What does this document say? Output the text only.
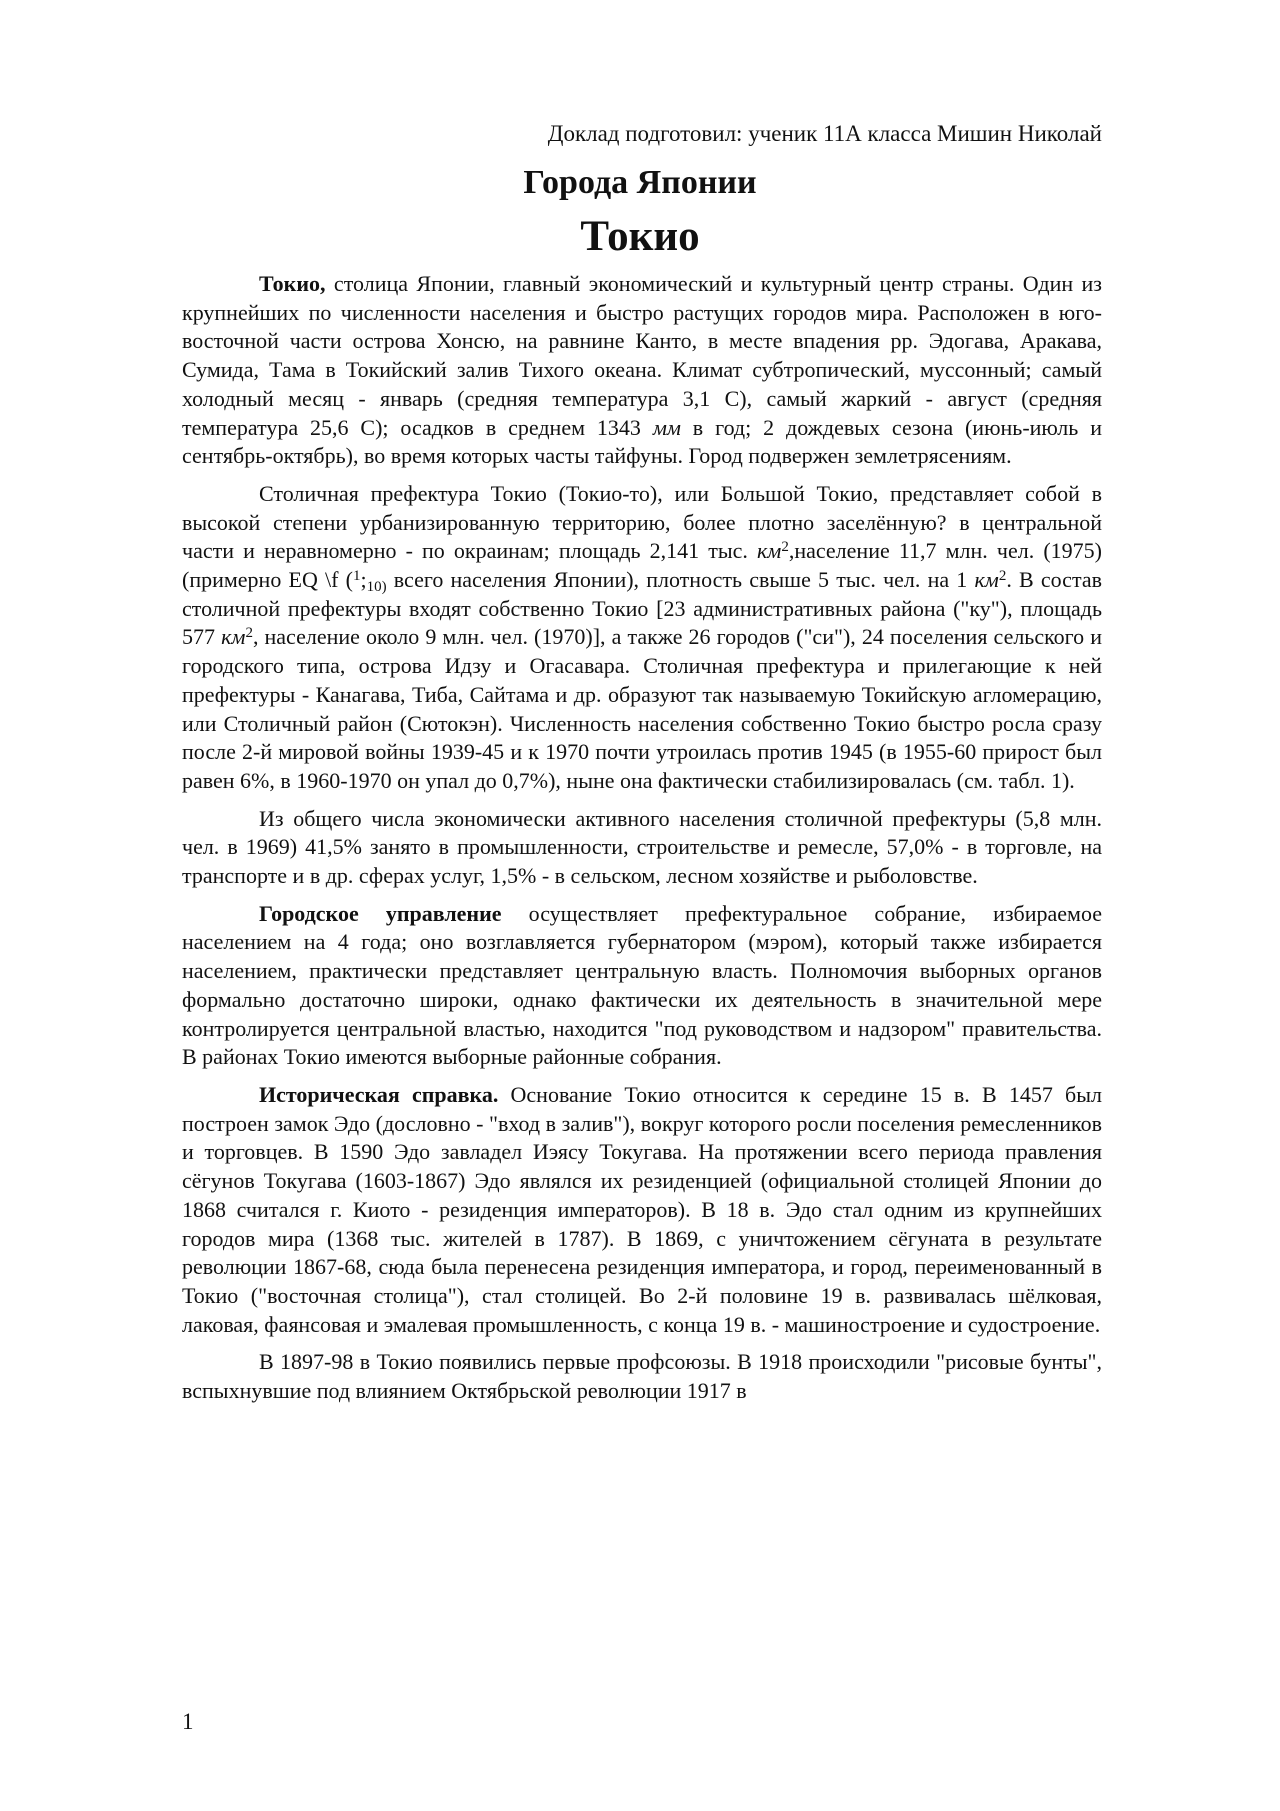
Доклад подготовил: ученик 11А класса Мишин Николай
Города Японии
Токио

Токио, столица Японии, главный экономический и культурный центр страны. Один из крупнейших по численности населения и быстро растущих городов мира. Расположен в юго-восточной части острова Хонсю, на равнине Канто, в месте впадения рр. Эдогава, Аракава, Сумида, Тама в Токийский залив Тихого океана. Климат субтропический, муссонный; самый холодный месяц - январь (средняя температура 3,1 С), самый жаркий - август (средняя температура 25,6 С); осадков в среднем 1343 мм в год; 2 дождевых сезона (июнь-июль и сентябрь-октябрь), во время которых часты тайфуны. Город подвержен землетрясениям.

Столичная префектура Токио (Токио-то), или Большой Токио, представляет собой в высокой степени урбанизированную территорию, более плотно заселённую? в центральной части и неравномерно - по окраинам; площадь 2,141 тыс. $км^2,население$ 11,7 млн. чел. (1975) (примерно EQ \f ($^1;_{10)}$ всего населения Японии), плотность свыше 5 тыс. чел. на 1 $км^2$. В состав столичной префектуры входят собственно Токио [23 административных района ("ку"), площадь 577 $км^2$, население около 9 млн. чел. (1970)], а также 26 городов ("си"), 24 поселения сельского и городского типа, острова Идзу и Огасавара. Столичная префектура и прилегающие к ней префектуры - Канагава, Тиба, Сайтама и др. образуют так называемую Токийскую агломерацию, или Столичный район (Сютокэн). Численность населения собственно Токио быстро росла сразу после 2-й мировой войны 1939-45 и к 1970 почти утроилась против 1945 (в 1955-60 прирост был равен 6%, в 1960-1970 он упал до 0,7%), ныне она фактически стабилизировалась (см. табл. 1).

Из общего числа экономически активного населения столичной префектуры (5,8 млн. чел. в 1969) 41,5% занято в промышленности, строительстве и ремесле, 57,0% - в торговле, на транспорте и в др. сферах услуг, 1,5% - в сельском, лесном хозяйстве и рыболовстве.

Городское управление осуществляет префектуральное собрание, избираемое населением на 4 года; оно возглавляется губернатором (мэром), который также избирается населением, практически представляет центральную власть. Полномочия выборных органов формально достаточно широки, однако фактически их деятельность в значительной мере контролируется центральной властью, находится "под руководством и надзором" правительства. В районах Токио имеются выборные районные собрания.

Историческая справка. Основание Токио относится к середине 15 в. В 1457 был построен замок Эдо (дословно - "вход в залив"), вокруг которого росли поселения ремесленников и торговцев. В 1590 Эдо завладел Иэясу Токугава. На протяжении всего периода правления сёгунов Токугава (1603-1867) Эдо являлся их резиденцией (официальной столицей Японии до 1868 считался г. Киото - резиденция императоров). В 18 в. Эдо стал одним из крупнейших городов мира (1368 тыс. жителей в 1787). В 1869, с уничтожением сёгуната в результате революции 1867-68, сюда была перенесена резиденция императора, и город, переименованный в Токио ("восточная столица"), стал столицей. Во 2-й половине 19 в. развивалась шёлковая, лаковая, фаянсовая и эмалевая промышленность, с конца 19 в. - машиностроение и судостроение.

В 1897-98 в Токио появились первые профсоюзы. В 1918 происходили "рисовые бунты", вспыхнувшие под влиянием Октябрьской революции 1917 в

1
